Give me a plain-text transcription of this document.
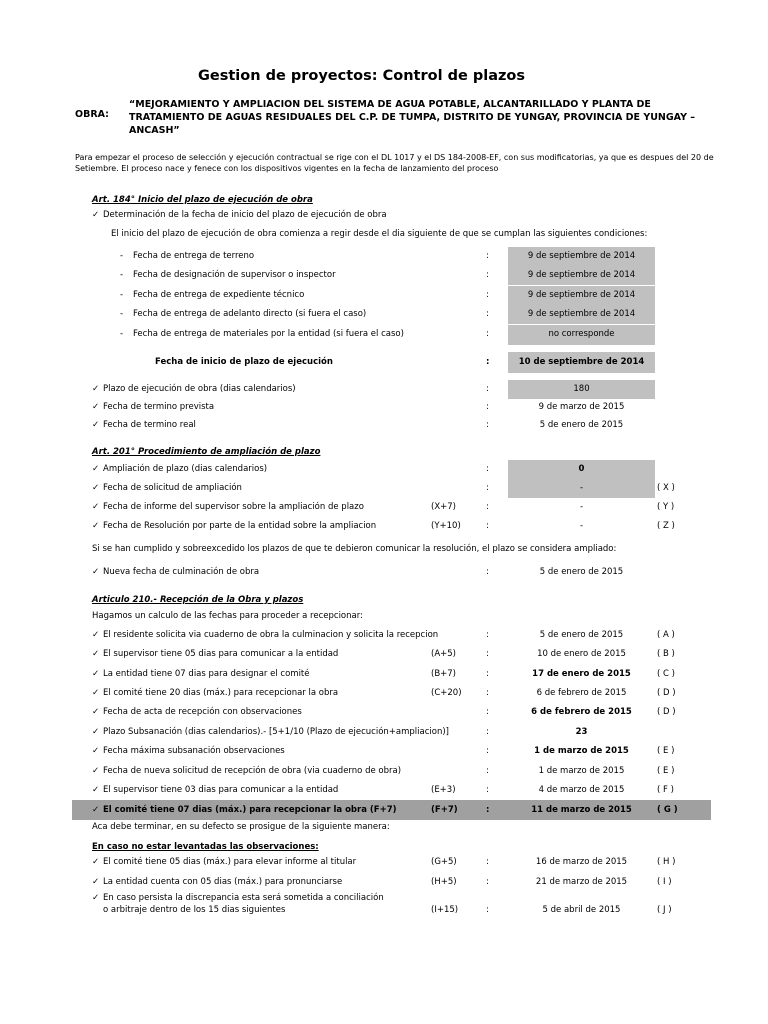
Gestion de proyectos: Control de plazos
OBRA:
“MEJORAMIENTO Y AMPLIACION DEL SISTEMA DE AGUA POTABLE, ALCANTARILLADO Y PLANTA DE TRATAMIENTO DE AGUAS RESIDUALES DEL C.P. DE TUMPA, DISTRITO DE YUNGAY, PROVINCIA DE YUNGAY – ANCASH”
Para empezar el proceso de selección y ejecución contractual se rige con el DL 1017 y el DS 184-2008-EF, con sus modificatorias, ya que es despues del 20 de Setiembre. El proceso nace y fenece con los dispositivos vigentes en la fecha de lanzamiento del proceso
Art. 184° Inicio del plazo de ejecución de obra
✓
Determinación de la fecha de inicio del plazo de ejecución de obra
El inicio del plazo de ejecución de obra comienza a regir desde el dia siguiente de que se cumplan las siguientes condiciones:
- Fecha de entrega de terreno	:	9 de septiembre de 2014
- Fecha de designación de supervisor o inspector	:	9 de septiembre de 2014
- Fecha de entrega de expediente técnico	:	9 de septiembre de 2014
- Fecha de entrega de adelanto directo (si fuera el caso)	:	9 de septiembre de 2014
- Fecha de entrega de materiales por la entidad (si fuera el caso)	:	no corresponde
Fecha de inicio de plazo de ejecución	:	10 de septiembre de 2014
✓
Plazo de ejecución de obra (dias calendarios)	:	180
✓
Fecha de termino prevista	:	9 de marzo de 2015
✓
Fecha de termino real	:	5 de enero de 2015
Art. 201° Procedimiento de ampliación de plazo
✓
Ampliación de plazo (dias calendarios)	:	0
✓
Fecha de solicitud de ampliación	:	-	( X )
✓
Fecha de informe del supervisor sobre la ampliación de plazo	(X+7)	:	-	( Y )
✓
Fecha de Resolución por parte de la entidad sobre la ampliacion	(Y+10)	:	-	( Z )
Si se han cumplido y sobreexcedido los plazos de que te debieron comunicar la resolución, el plazo se considera ampliado:
✓
Nueva fecha de culminación de obra	:	5 de enero de 2015
Articulo 210.- Recepción de la Obra y plazos
Hagamos un calculo de las fechas para proceder a recepcionar:
✓
El residente solicita via cuaderno de obra la culminacion y solicita la recepcion	:	5 de enero de 2015	( A )
✓
El supervisor tiene 05 dias para comunicar a la entidad	(A+5)	:	10 de enero de 2015	( B )
✓
La entidad tiene 07 dias para designar el comité	(B+7)	:	17 de enero de 2015	( C )
✓
El comité tiene 20 dias (máx.) para recepcionar la obra	(C+20)	:	6 de febrero de 2015	( D )
✓
Fecha de acta de recepción con observaciones	:	6 de febrero de 2015	( D )
✓
Plazo Subsanación (dias calendarios).- [5+1/10 (Plazo de ejecución+ampliacion)]	:	23
✓
Fecha máxima subsanación observaciones	:	1 de marzo de 2015	( E )
✓
Fecha de nueva solicitud de recepción de obra (via cuaderno de obra)	:	1 de marzo de 2015	( E )
✓
El supervisor tiene 03 dias para comunicar a la entidad	(E+3)	:	4 de marzo de 2015	( F )
✓
El comité tiene 07 dias (máx.) para recepcionar la obra (F+7)	(F+7)	:	11 de marzo de 2015	( G )
Aca debe terminar, en su defecto se prosigue de la siguiente manera:
En caso no estar levantadas las observaciones:
✓
El comité tiene 05 dias (máx.) para elevar informe al titular	(G+5)	:	16 de marzo de 2015	( H )
✓
La entidad cuenta con 05 dias (máx.) para pronunciarse	(H+5)	:	21 de marzo de 2015	( I )
✓
En caso persista la discrepancia esta será sometida a conciliación
o arbitraje dentro de los 15 dias siguientes	(I+15)	:	5 de abril de 2015	( J )
